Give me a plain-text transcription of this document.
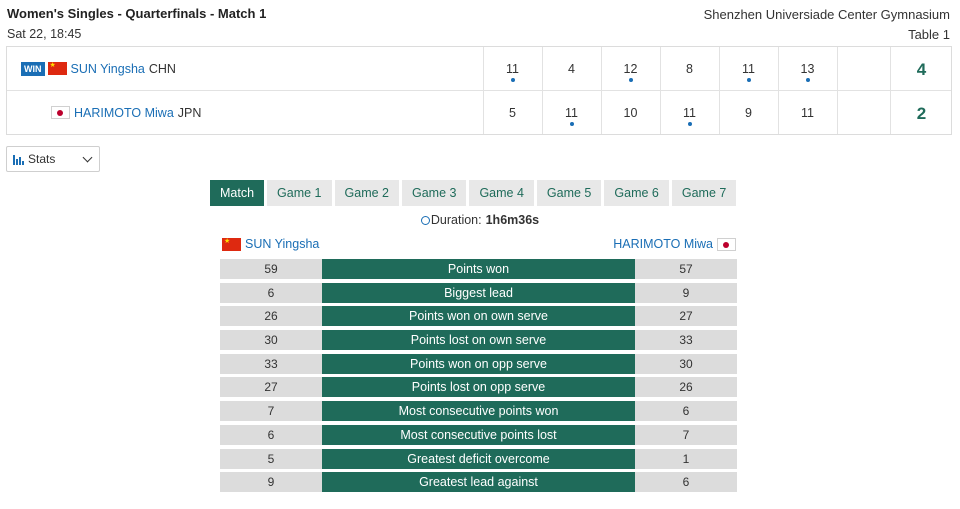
Women's Singles - Quarterfinals - Match 1
Sat 22, 18:45
Shenzhen Universiade Center Gymnasium
Table 1
WIN
★ SUN Yingsha CHN	11	4	12	8	11	13	4
HARIMOTO Miwa JPN	5	11	10	11	9	11	2
Stats
Match	Game 1	Game 2	Game 3	Game 4	Game 5	Game 6	Game 7
Duration: 1h6m36s
★
SUN Yingsha	HARIMOTO Miwa
59	Points won	57
6	Biggest lead	9
26	Points won on own serve	27
30	Points lost on own serve	33
33	Points won on opp serve	30
27	Points lost on opp serve	26
7	Most consecutive points won	6
6	Most consecutive points lost	7
5	Greatest deficit overcome	1
9	Greatest lead against	6
